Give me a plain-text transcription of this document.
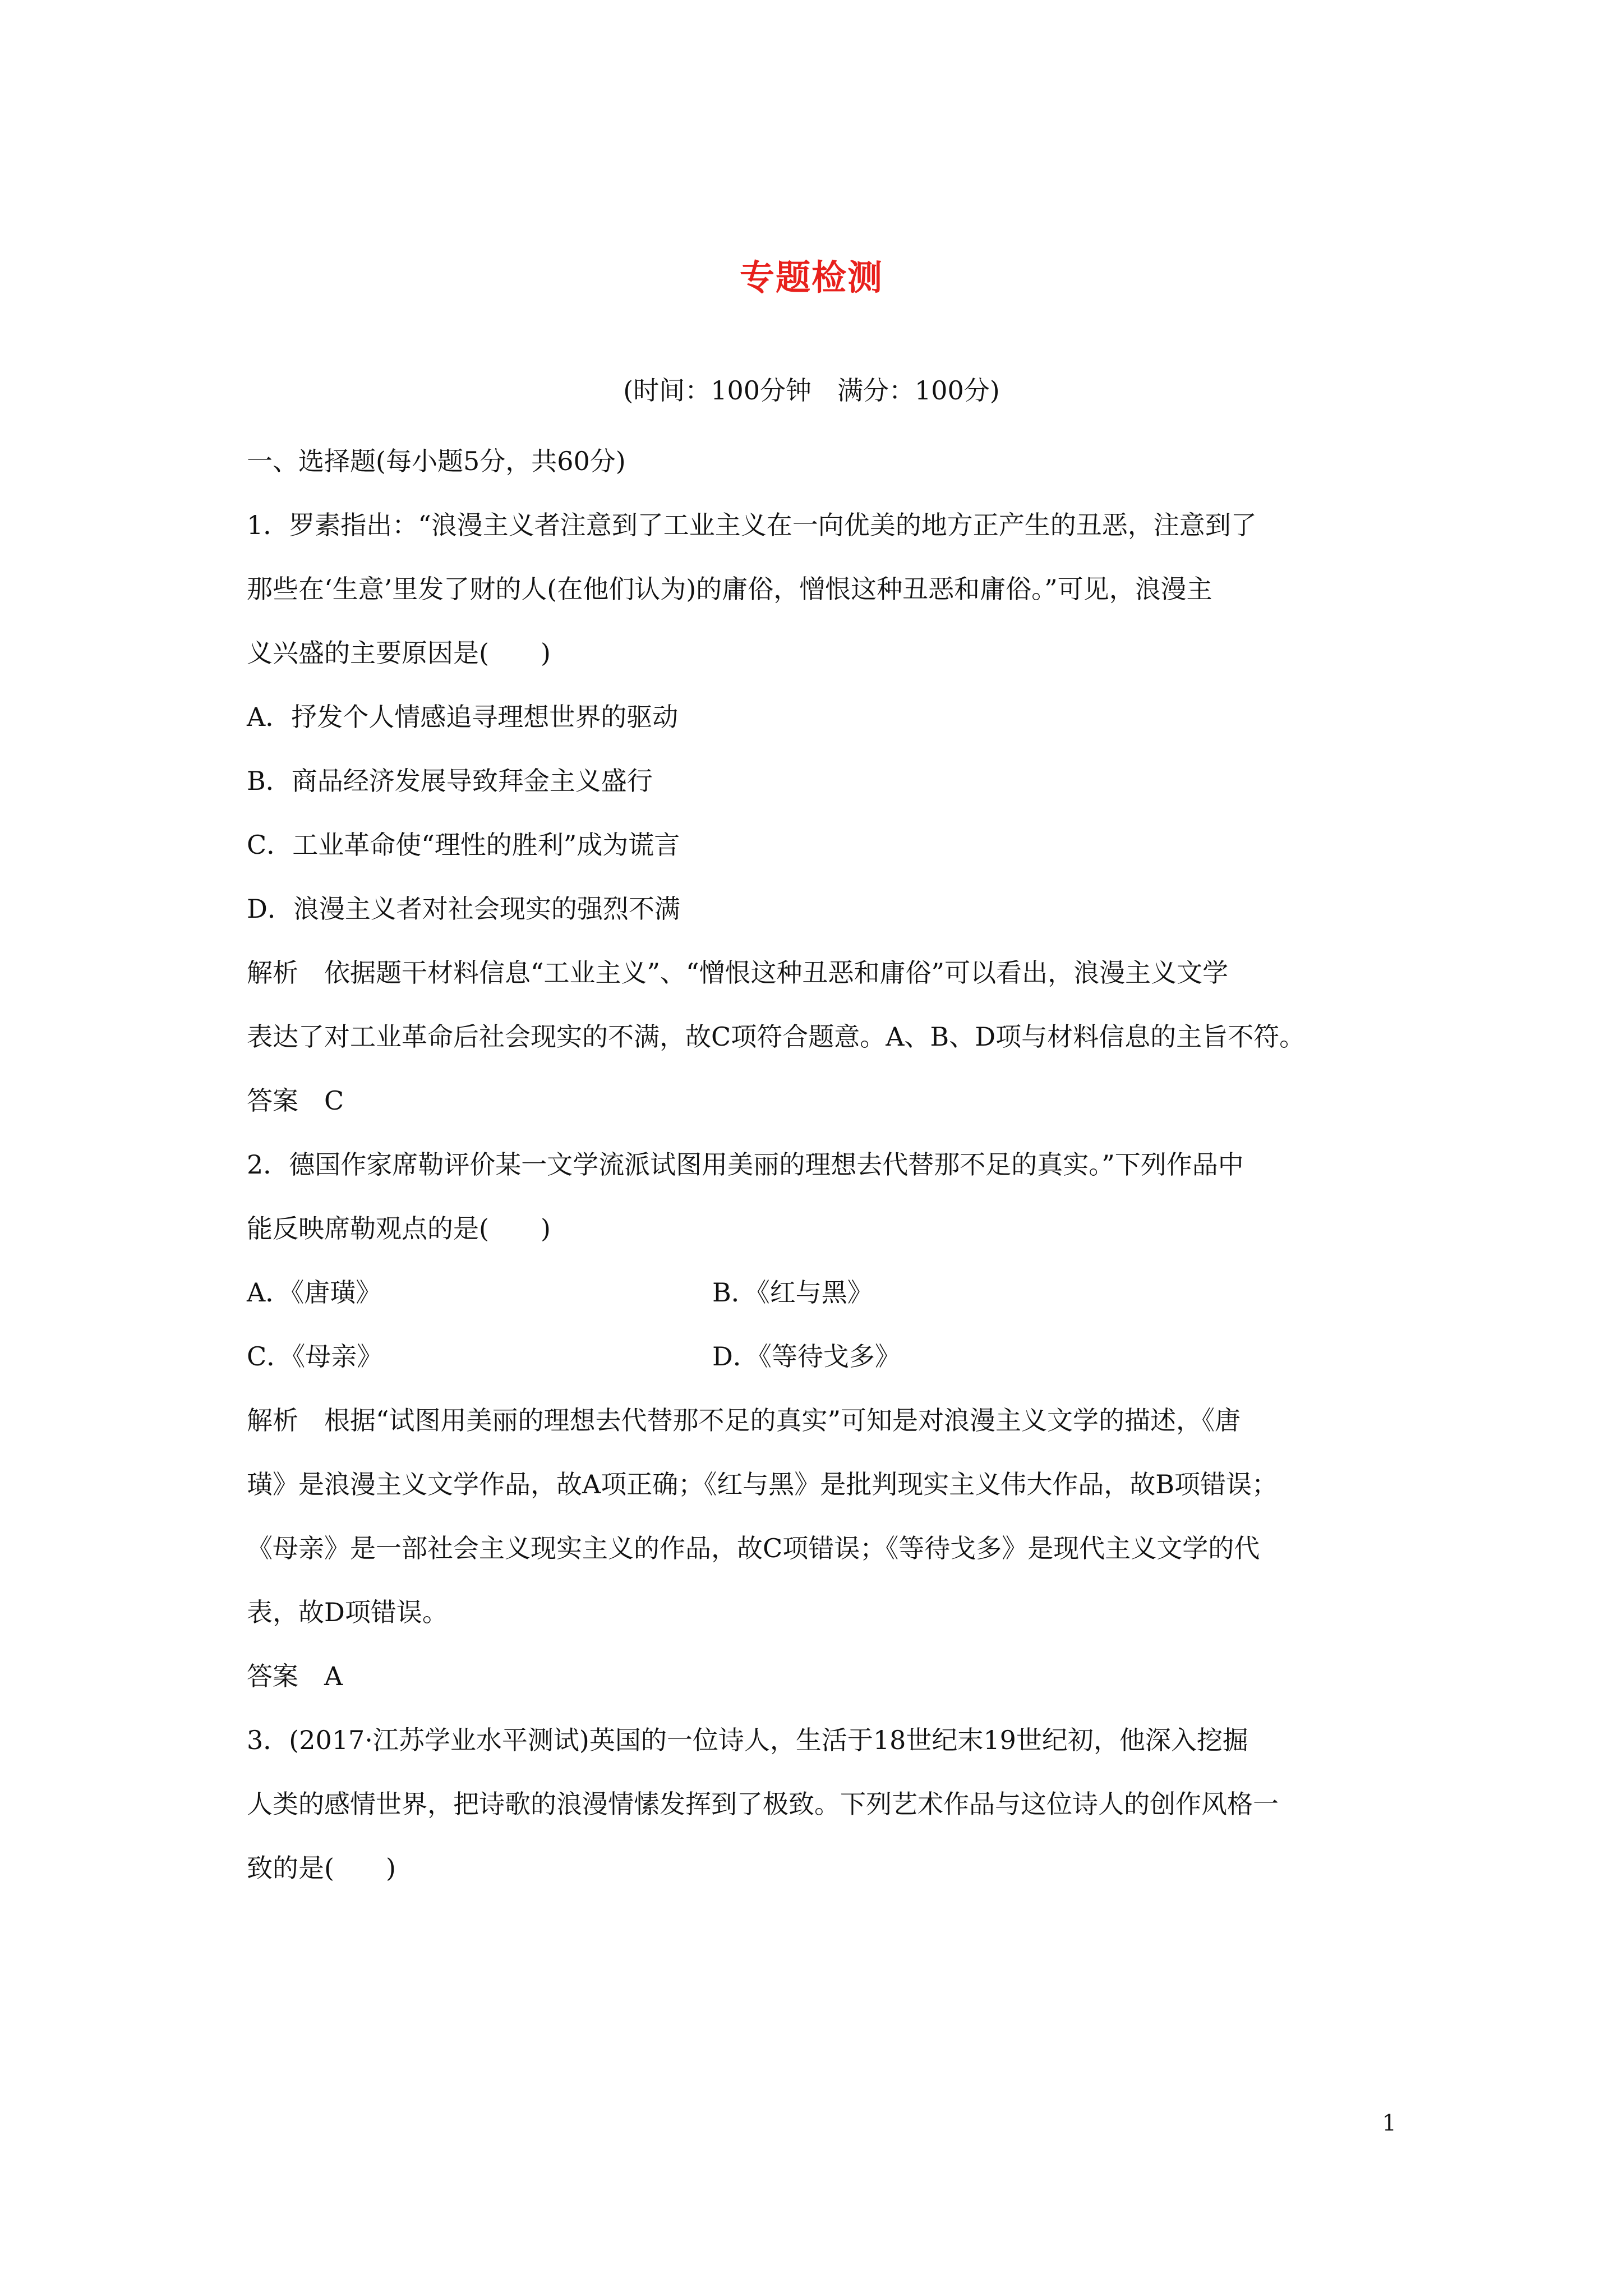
专题检测
(时间：100分钟　满分：100分)

一、选择题(每小题5分，共60分)

1．罗素指出：“浪漫主义者注意到了工业主义在一向优美的地方正产生的丑恶，注意到了

那些在‘生意’里发了财的人(在他们认为)的庸俗，憎恨这种丑恶和庸俗。”可见，浪漫主

义兴盛的主要原因是(　　)

A．抒发个人情感追寻理想世界的驱动

B．商品经济发展导致拜金主义盛行

C．工业革命使“理性的胜利”成为谎言

D．浪漫主义者对社会现实的强烈不满

解析　依据题干材料信息“工业主义”、“憎恨这种丑恶和庸俗”可以看出，浪漫主义文学

表达了对工业革命后社会现实的不满，故C项符合题意。A、B、D项与材料信息的主旨不符。

答案　C

2．德国作家席勒评价某一文学流派试图用美丽的理想去代替那不足的真实。”下列作品中

能反映席勒观点的是(　　)

A．《唐璜》	B．《红与黑》
C．《母亲》	D．《等待戈多》

解析　根据“试图用美丽的理想去代替那不足的真实”可知是对浪漫主义文学的描述，《唐

璜》是浪漫主义文学作品，故A项正确；《红与黑》是批判现实主义伟大作品，故B项错误；

《母亲》是一部社会主义现实主义的作品，故C项错误；《等待戈多》是现代主义文学的代

表，故D项错误。

答案　A

3．(2017·江苏学业水平测试)英国的一位诗人，生活于18世纪末19世纪初，他深入挖掘

人类的感情世界，把诗歌的浪漫情愫发挥到了极致。下列艺术作品与这位诗人的创作风格一

致的是(　　)

1
